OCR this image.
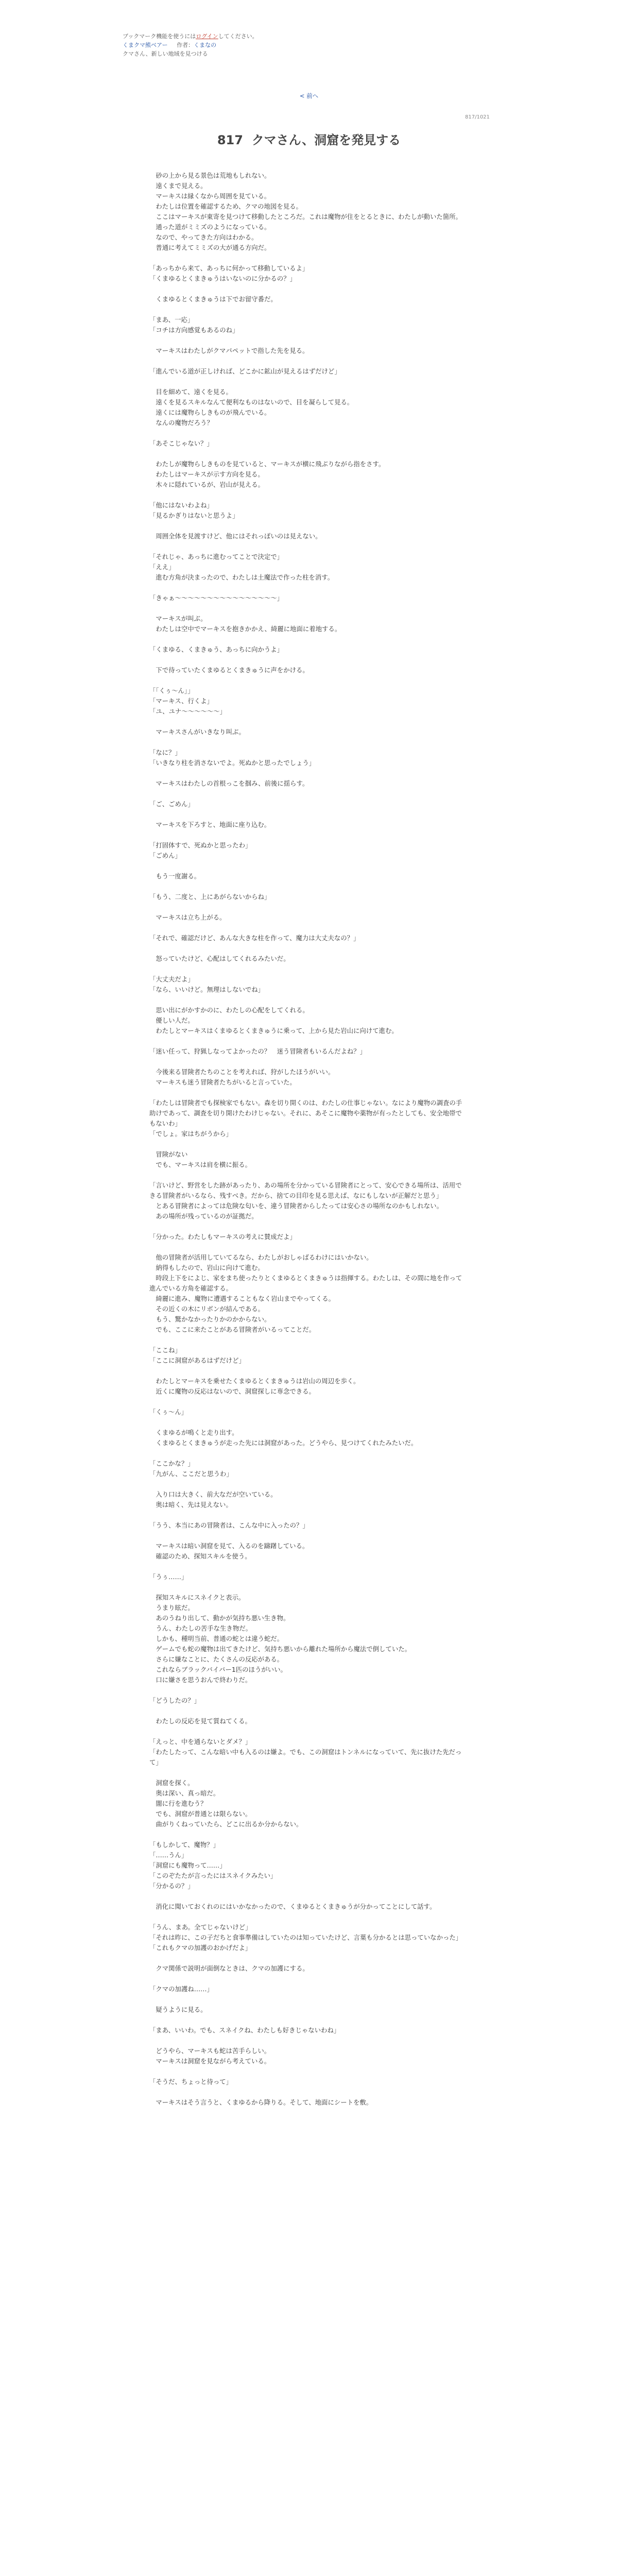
ブックマーク機能を使うにはログインしてください。
くまクマ熊ベアー 作者：くまなの
クマさん、新しい地域を見つける
< 前へ
817/1021
817 クマさん、洞窟を発見する

　砂の上から見る景色は荒地もしれない。

　遠くまで見える。

　マーキスは縁くなから周囲を見ている。

　わたしは位置を確認するため、クマの地図を見る。

　ここはマーキスが東寄を見つけて移動したところだ。これは魔物が住をとるときに、わたしが動いた箇所。

　通った道がミミズのようになっている。

　なので、やってきた方向はわかる。

　普通に考えてミミズの大が通る方向だ。

「あっちから来て、あっちに何かって移動しているよ」

「くまゆるとくまきゅうはいないのに分かるの？」

　くまゆるとくまきゅうは下でお留守番だ。

「まあ、一応」

「コチは方向感覚もあるのね」

　マーキスはわたしがクマパペットで指した先を見る。

「進んでいる道が正しければ、どこかに鉱山が見えるはずだけど」

　目を細めて、遠くを見る。

　遠くを見るスキルなんて便利なものはないので、目を凝らして見る。

　遠くには魔物らしきものが飛んでいる。

　なんの魔物だろう？

「あそこじゃない？」

　わたしが魔物らしきものを見ていると、マーキスが横に飛ぶりながら指をさす。

　わたしはマーキスが示す方向を見る。

　木々に隠れているが、岩山が見える。

「他にはないわよね」

「見るかぎりはないと思うよ」

　周囲全体を見渡すけど、他にはそれっぽいのは見えない。

「それじゃ、あっちに進むってことで決定で」

「ええ」

　進む方角が決まったので、わたしは土魔法で作った柱を消す。

「きゃぁ〜〜〜〜〜〜〜〜〜〜〜〜〜〜〜〜」

　マーキスが叫ぶ。

　わたしは空中でマーキスを抱きかかえ、綺麗に地面に着地する。

「くまゆる、くまきゅう、あっちに向かうよ」

　下で待っていたくまゆるとくまきゅうに声をかける。

「「くぅ〜ん」」

「マーキス、行くよ」

「ユ、ユナ〜〜〜〜〜〜」

　マーキスさんがいきなり叫ぶ。

「なに？」

「いきなり柱を消さないでよ。死ぬかと思ったでしょう」

　マーキスはわたしの首根っこを掴み、前後に揺らす。

「ご、ごめん」

　マーキスを下ろすと、地面に座り込む。

「打固体すで、死ぬかと思ったわ」

「ごめん」

　もう一度謝る。

「もう、二度と、上にあがらないからね」

　マーキスは立ち上がる。

「それで、確認だけど、あんな大きな柱を作って、魔力は大丈夫なの？」

　怒っていたけど、心配はしてくれるみたいだ。

「大丈夫だよ」

「なら、いいけど。無理はしないでね」

　思い出にがかすかのに、わたしの心配をしてくれる。

　優しい人だ。

　わたしとマーキスはくまゆるとくまきゅうに乗って、上から見た岩山に向けて進む。

「迷い任って、狩猟しなってよかったの？　迷う冒険者もいるんだよね？」

　今後来る冒険者たちのことを考えれば、狩がしたほうがいい。

　マーキスも迷う冒険者たちがいると言っていた。

「わたしは冒険者でも探検家でもない。森を切り開くのは、わたしの仕事じゃない。なにより魔物の調査の手助けであって、調査を切り開けたわけじゃない。それに、あそこに魔物や薬物が有ったとしても、安全地帯でもないわ」

「でしょ。家はちがうから」

　冒険がない

　でも、マーキスは肩を横に振る。

「言いけど、野営をした跡があったり、あの場所を分かっている冒険者にとって、安心できる場所は、活用できる冒険者がいるなら、残すべき。だから、捨ての目印を見る思えば、なにもしないが正解だと思う」

　とある冒険者によっては危険な匂いを、違う冒険者からしたっては安心さの場所なのかもしれない。

　あの場所が残っているのが証拠だ。

「分かった。わたしもマーキスの考えに賛成だよ」

　他の冒険者が活用していてるなら、わたしがおしゃばるわけにはいかない。

　納得もしたので、岩山に向けて進む。

　時段上下をによじ、家をまち使ったりとくまゆるとくまきゅうは指揮する。わたしは、その間に地を作って進んでいる方角を確認する。

　綺麗に進み、魔物に遭遇することもなく岩山までやってくる。

　その近くの木にリボンが結んである。

　もう、驚かなかったりかのかからない。

　でも、ここに来たことがある冒険者がいるってことだ。

「ここね」

「ここに洞窟があるはずだけど」

　わたしとマーキスを乗せたくまゆるとくまきゅうは岩山の周辺を歩く。

　近くに魔物の反応はないので、洞窟探しに専念できる。

「くぅ〜ん」

　くまゆるが鳴くと走り出す。

　くまゆるとくまきゅうが走った先には洞窟があった。どうやら、見つけてくれたみたいだ。

「ここかな？」

「九がん、ここだと思うわ」

　入り口は大きく、前大なだが空いている。

　奥は暗く、先は見えない。

「うう、本当にあの冒険者は、こんな中に入ったの？」

　マーキスは暗い洞窟を見て、入るのを躊躇している。

　確認のため、探知スキルを使う。

「うぅ……」

　探知スキルにスネイクと表示。

　うまり眩だ。

　あのうねり出して、動かが気持ち悪い生き物。

　うん、わたしの苦手な生き物だ。

　しかも、種明当前、普通の蛇とは違う蛇だ。

　ゲームでも蛇の魔物は出てきたけど、気持ち悪いから離れた場所から魔法で倒していた。

　さらに嫌なことに、たくさんの反応がある。

　これならブラックバイパー1匹のほうがいい。

　口に嫌さを思うおんで終わりだ。

「どうしたの？」

　わたしの反応を見て質ねてくる。

「えっと、中を通らないとダメ？」

「わたしたって、こんな暗い中も入るのは嫌よ。でも、この洞窟はトンネルになっていて、先に抜けた先だって」

　洞窟を探く。

　奥は深い、真っ暗だ。

　闇に行を進むう？

　でも、洞窟が普通とは限らない。

　曲がりくねっていたら、どこに出るか分からない。

「もしかして、魔物？」

「……うん」

「洞窟にも魔物って……」

「このぞたたが言ったにはスネイクみたい」

「分かるの？」

　消化に聞いておくれのにはいかなかったので、くまゆるとくまきゅうが分かってことにして話す。

「うん、まあ。全てじゃないけど」

「それは昨に、この子だちと食事準備はしていたのは知っていたけど、言葉も分かるとは思っていなかった」

「これもクマの加護のおかげだよ」

　クマ関係で説明が面倒なときは、クマの加護にする。

「クマの加護ね……」

　疑うように見る。

「まあ、いいわ。でも、スネイクね、わたしも好きじゃないわね」

　どうやら、マーキスも蛇は苦手らしい。

　マーキスは洞窟を見ながら考えている。

「そうだ、ちょっと待って」

　マーキスはそう言うと、くまゆるから降りる。そして、地面にシートを敷。
